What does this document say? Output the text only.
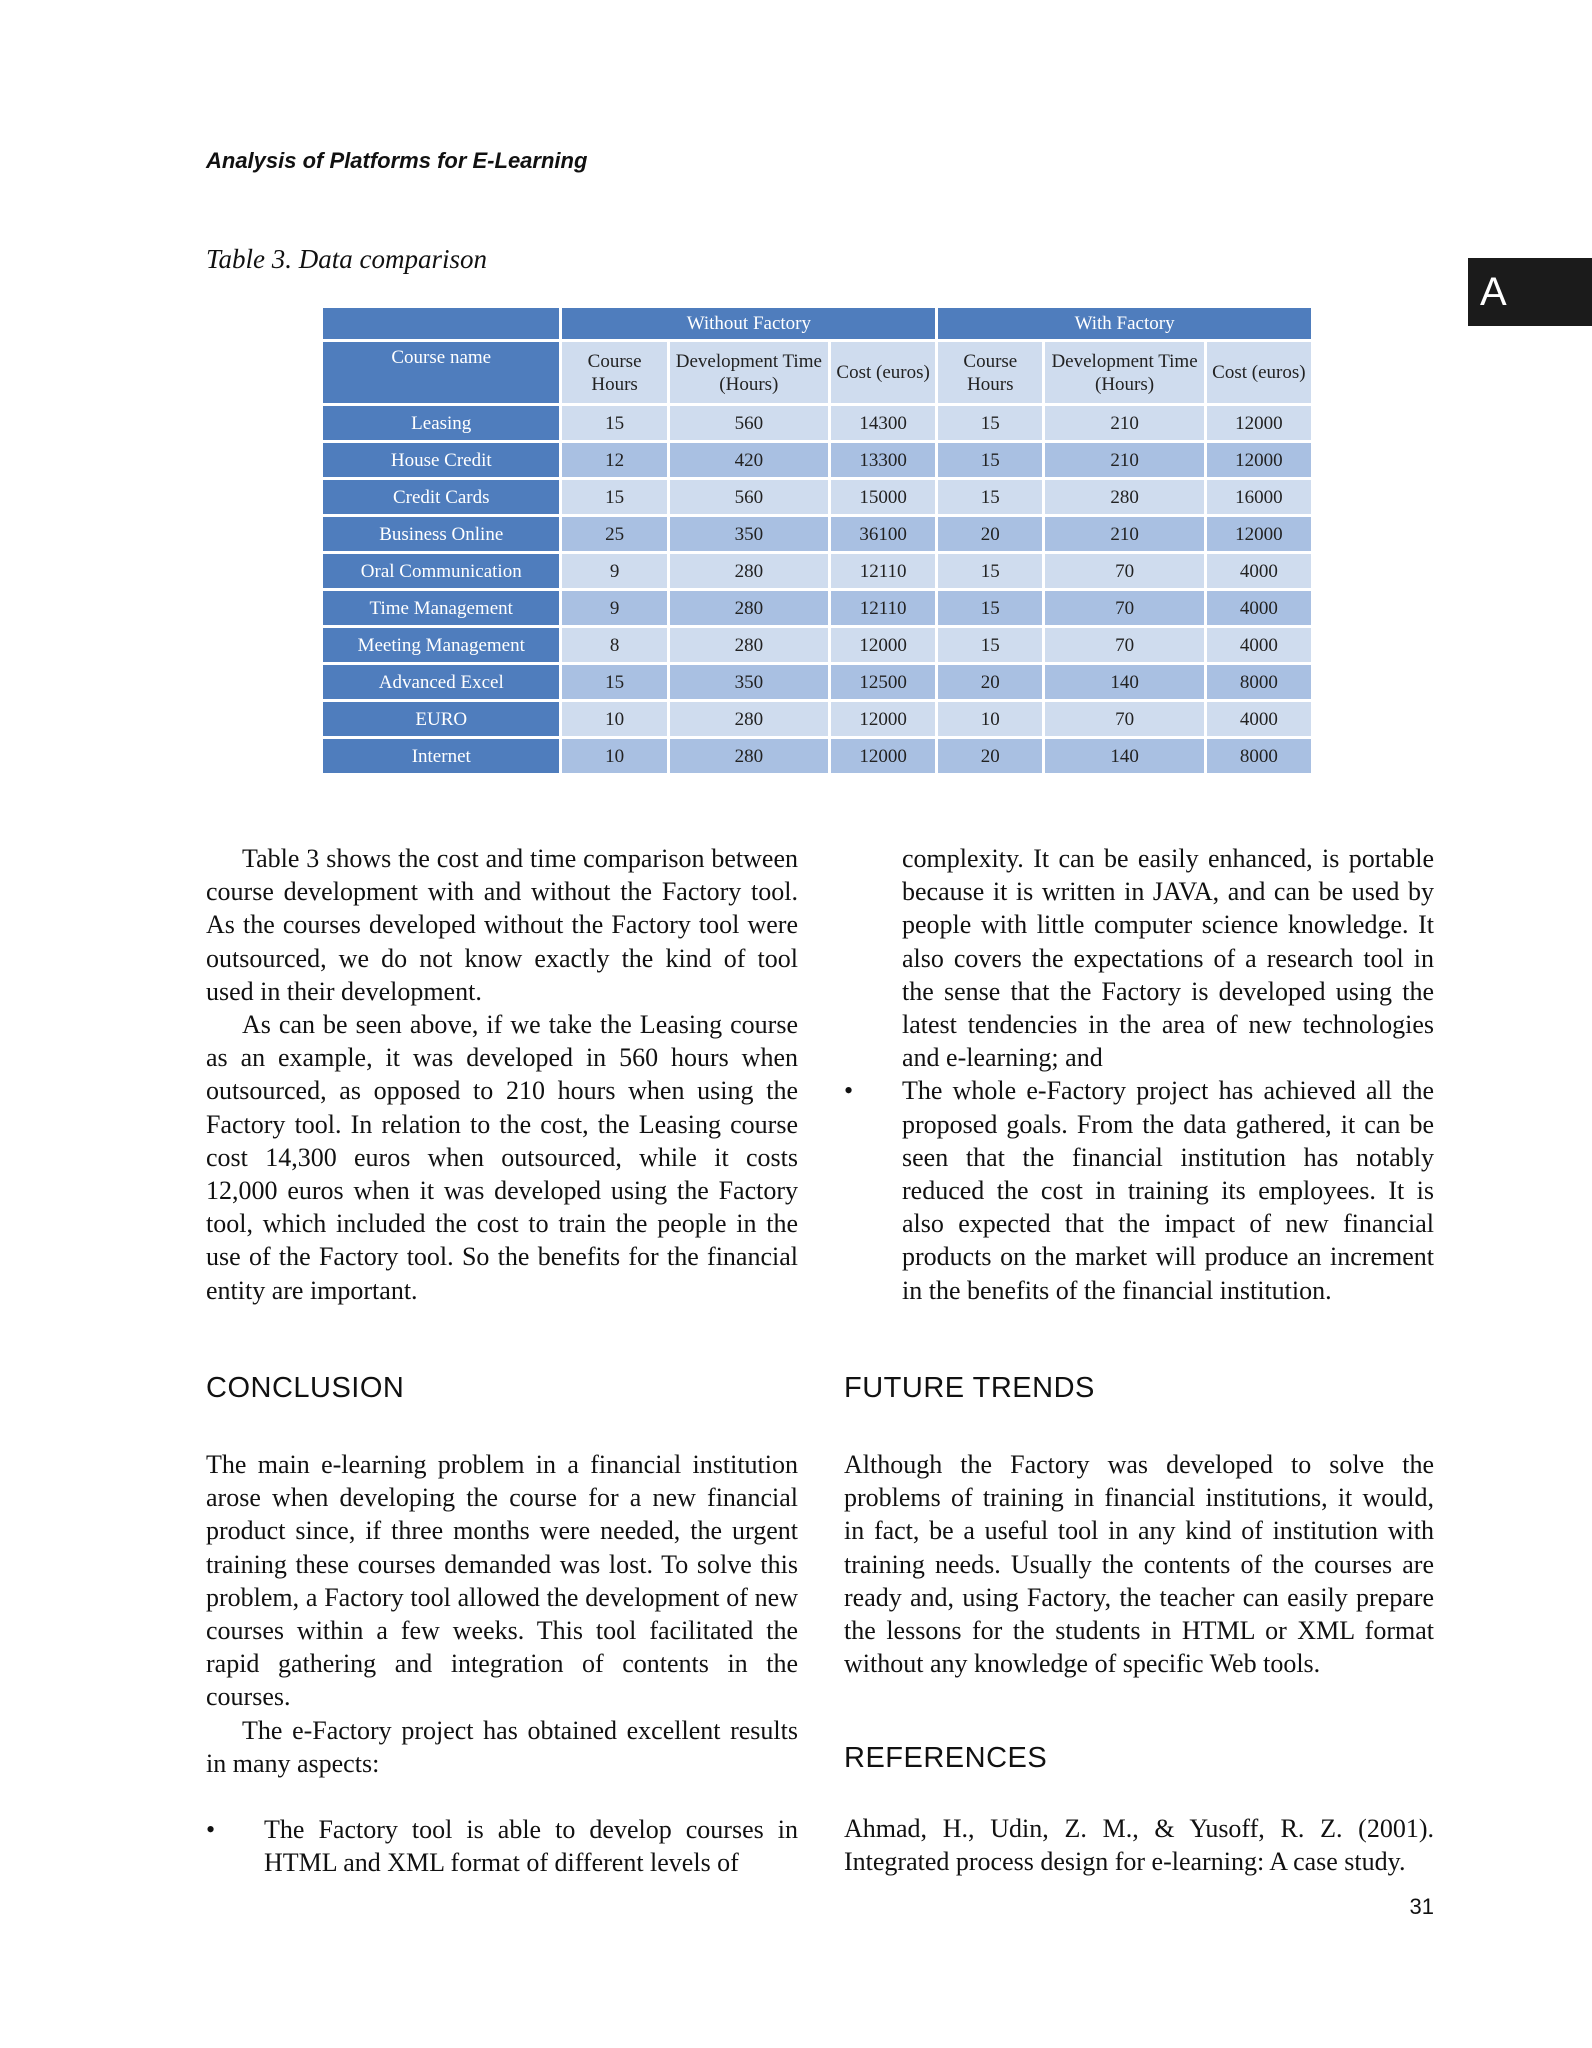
Analysis of Platforms for E-Learning
A
Table 3. Data comparison
	Without Factory			With Factory		
Course name	Course Hours	Development Time (Hours)	Cost (euros)	Course Hours	Development Time (Hours)	Cost (euros)
Leasing	15	560	14300	15	210	12000
House Credit	12	420	13300	15	210	12000
Credit Cards	15	560	15000	15	280	16000
Business Online	25	350	36100	20	210	12000
Oral Communication	9	280	12110	15	70	4000
Time Management	9	280	12110	15	70	4000
Meeting Management	8	280	12000	15	70	4000
Advanced Excel	15	350	12500	20	140	8000
EURO	10	280	12000	10	70	4000
Internet	10	280	12000	20	140	8000

Table 3 shows the cost and time comparison between course development with and without the Factory tool. As the courses developed without the Factory tool were outsourced, we do not know exactly the kind of tool used in their development.

As can be seen above, if we take the Leasing course as an example, it was developed in 560 hours when outsourced, as opposed to 210 hours when using the Factory tool. In relation to the cost, the Leasing course cost 14,300 euros when outsourced, while it costs 12,000 euros when it was developed using the Factory tool, which included the cost to train the people in the use of the Factory tool. So the benefits for the financial entity are important.

complexity. It can be easily enhanced, is portable because it is written in JAVA, and can be used by people with little computer science knowledge. It also covers the expectations of a research tool in the sense that the Factory is developed using the latest tendencies in the area of new technologies and e-learning; and

• The whole e-Factory project has achieved all the proposed goals. From the data gathered, it can be seen that the financial institution has notably reduced the cost in training its employees. It is also expected that the impact of new financial products on the market will produce an increment in the benefits of the financial institution.
CONCLUSION

The main e-learning problem in a financial institution arose when developing the course for a new financial product since, if three months were needed, the urgent training these courses demanded was lost. To solve this problem, a Factory tool allowed the development of new courses within a few weeks. This tool facilitated the rapid gathering and integration of contents in the courses.

The e-Factory project has obtained excellent results in many aspects:

• The Factory tool is able to develop courses in HTML and XML format of different levels of
FUTURE TRENDS

Although the Factory was developed to solve the problems of training in financial institutions, it would, in fact, be a useful tool in any kind of institution with training needs. Usually the contents of the courses are ready and, using Factory, the teacher can easily prepare the lessons for the students in HTML or XML format without any knowledge of specific Web tools.

REFERENCES

Ahmad, H., Udin, Z. M., & Yusoff, R. Z. (2001). Integrated process design for e-learning: A case study.

31
